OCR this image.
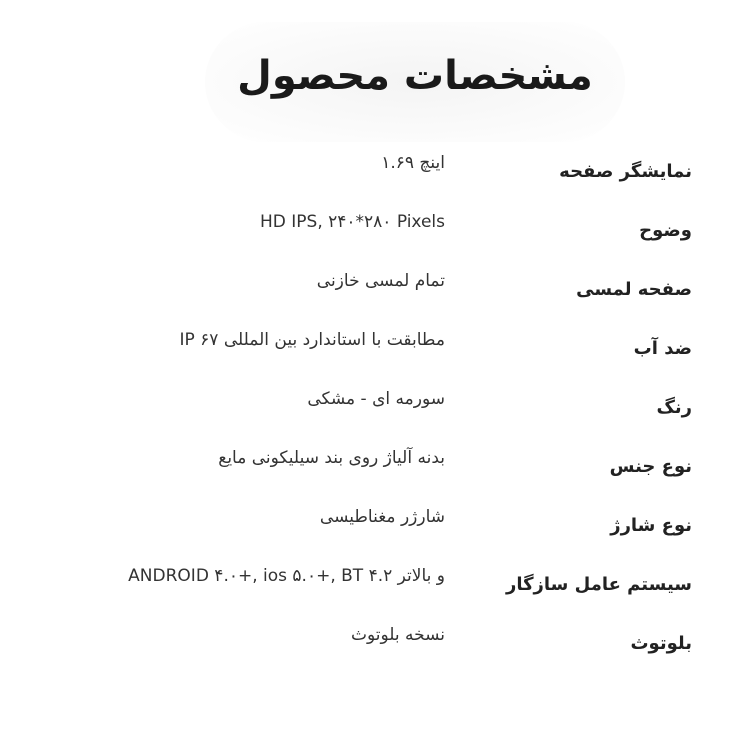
مشخصات محصول
نمایشگر صفحه
اینچ ۱.۶۹
وضوح
HD IPS, ۲۴۰*۲۸۰ Pixels
صفحه لمسی
تمام لمسی خازنی
ضد آب
IP ۶۷ مطابقت با استاندارد بین المللی
رنگ
سورمه ای - مشکی
نوع جنس
بدنه آلیاژ روی بند سیلیکونی مایع
نوع شارژ
شارژر مغناطیسی
سیستم عامل سازگار
و بالاتر ANDROID ۴.۰+, ios ۵.۰+, BT ۴.۲
بلوتوث
نسخه بلوتوث
